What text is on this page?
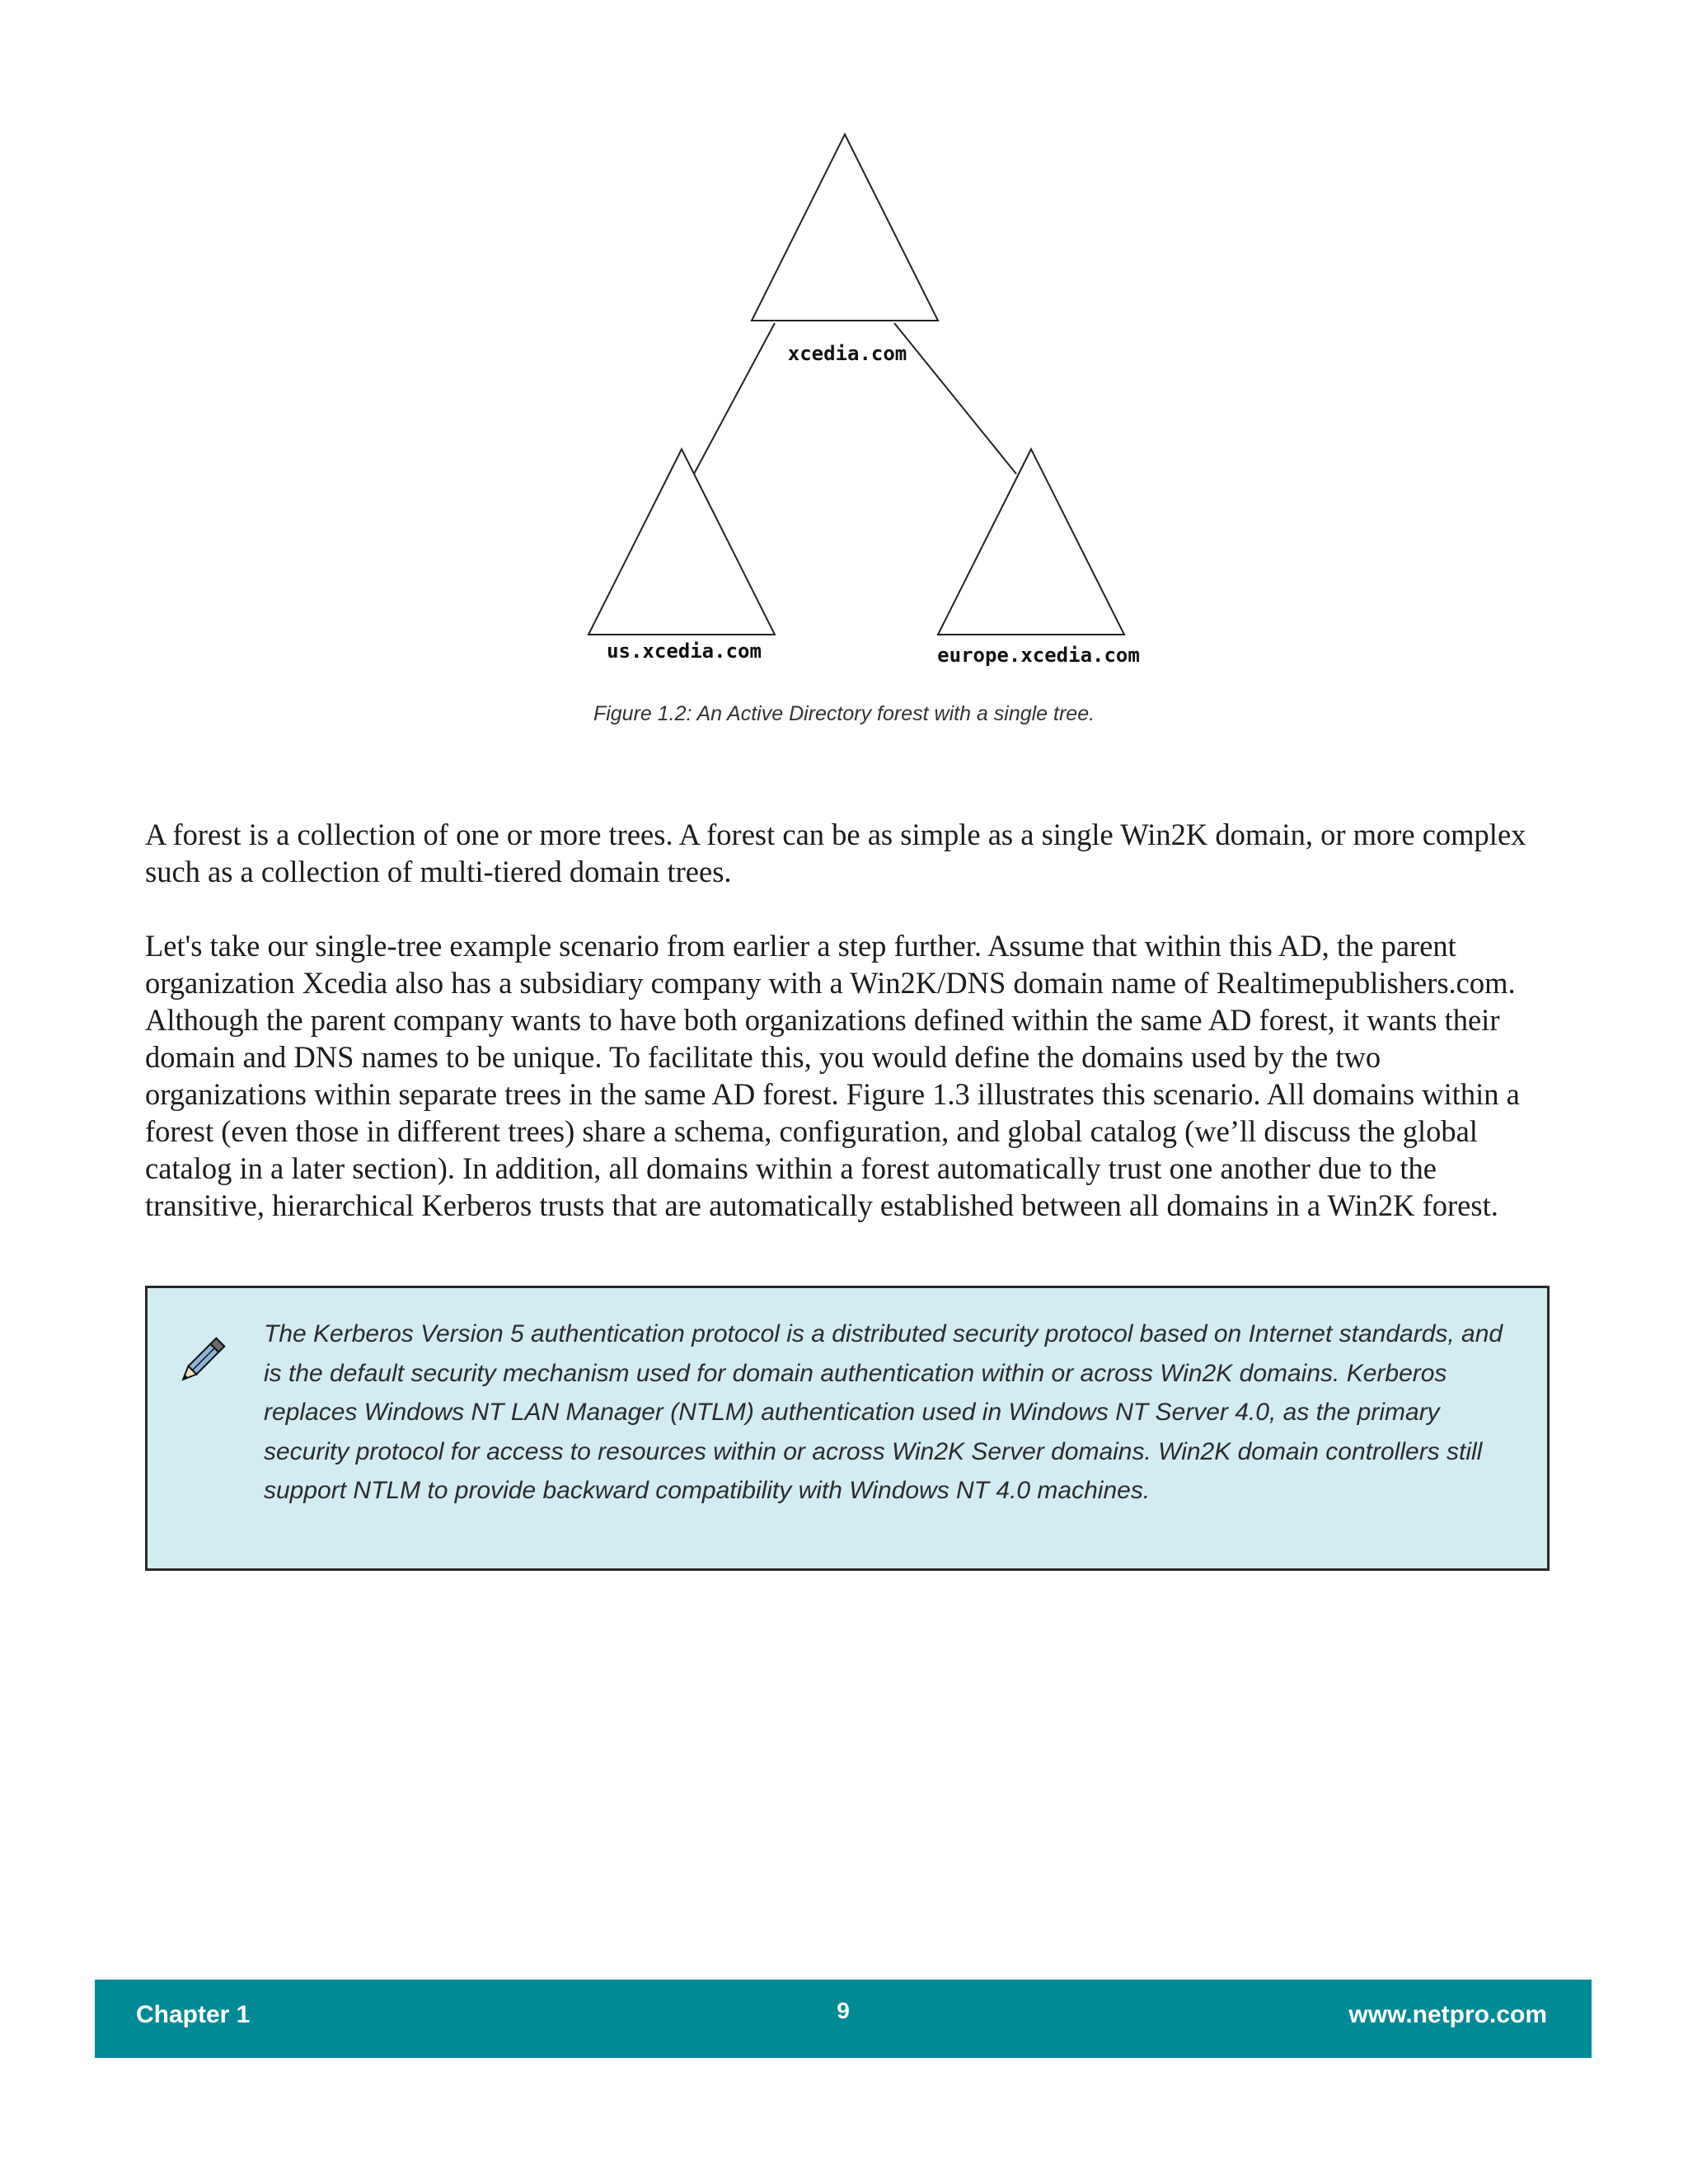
xcedia.com
us.xcedia.com	europe.xcedia.com

Figure 1.2: An Active Directory forest with a single tree.

A forest is a collection of one or more trees. A forest can be as simple as a single Win2K domain, or more complex such as a collection of multi-tiered domain trees.

Let's take our single-tree example scenario from earlier a step further. Assume that within this AD, the parent organization Xcedia also has a subsidiary company with a Win2K/DNS domain name of Realtimepublishers.com. Although the parent company wants to have both organizations defined within the same AD forest, it wants their domain and DNS names to be unique. To facilitate this, you would define the domains used by the two organizations within separate trees in the same AD forest. Figure 1.3 illustrates this scenario. All domains within a forest (even those in different trees) share a schema, configuration, and global catalog (we’ll discuss the global catalog in a later section). In addition, all domains within a forest automatically trust one another due to the transitive, hierarchical Kerberos trusts that are automatically established between all domains in a Win2K forest.

The Kerberos Version 5 authentication protocol is a distributed security protocol based on Internet standards, and is the default security mechanism used for domain authentication within or across Win2K domains. Kerberos replaces Windows NT LAN Manager (NTLM) authentication used in Windows NT Server 4.0, as the primary security protocol for access to resources within or across Win2K Server domains. Win2K domain controllers still support NTLM to provide backward compatibility with Windows NT 4.0 machines.

Chapter 1	9	www.netpro.com
